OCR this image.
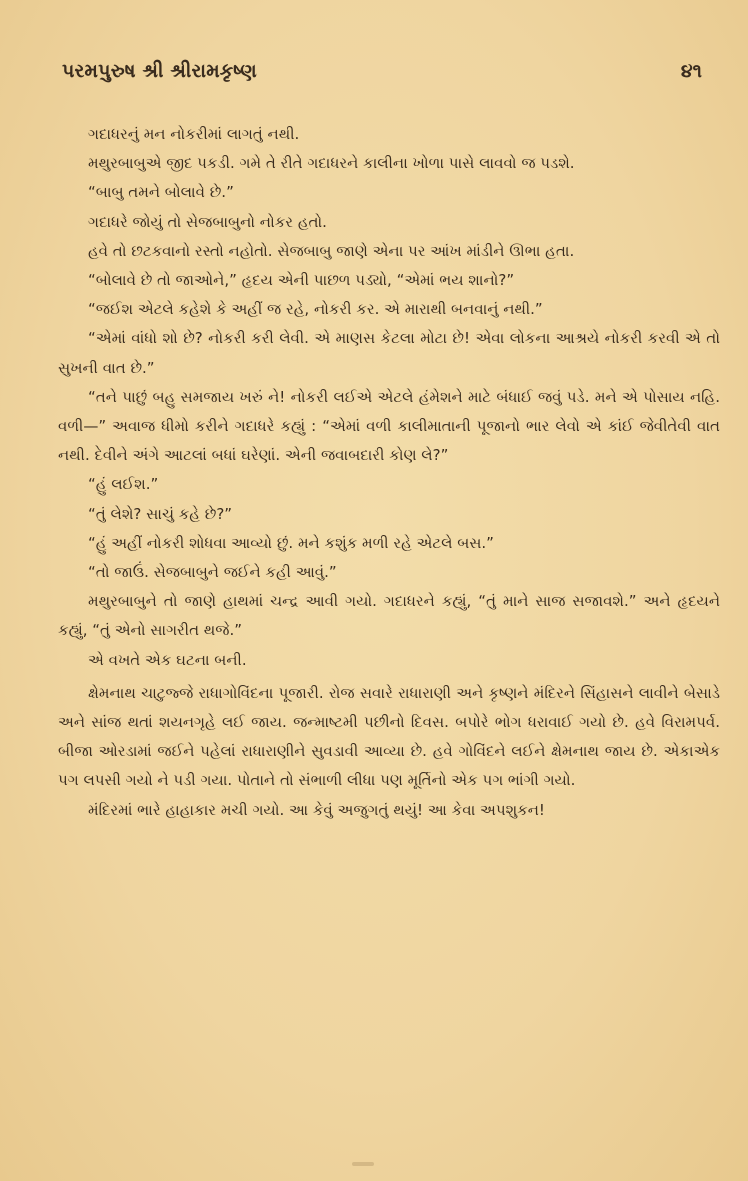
પરમપુરુષ શ્રી શ્રીરામકૃષ્ણ	૪૧

ગદાધરનું મન નોકરીમાં લાગતું નથી.

મથુરબાબુએ જીદ પકડી. ગમે તે રીતે ગદાધરને કાલીના ખોળા પાસે લાવવો જ પડશે.

“બાબુ તમને બોલાવે છે.”

ગદાધરે જોયું તો સેજબાબુનો નોકર હતો.

હવે તો છટકવાનો રસ્તો નહોતો. સેજબાબુ જાણે એના પર આંખ માંડીને ઊભા હતા.

“બોલાવે છે તો જાઓને,” હૃદય એની પાછળ પડ્યો, “એમાં ભય શાનો?”

“જઈશ એટલે કહેશે કે અહીં જ રહે, નોકરી કર. એ મારાથી બનવાનું નથી.”

“એમાં વાંધો શો છે? નોકરી કરી લેવી. એ માણસ કેટલા મોટા છે! એવા લોકના આશ્રયે નોકરી કરવી એ તો સુખની વાત છે.”

“તને પાછું બહુ સમજાય ખરું ને! નોકરી લઈએ એટલે હંમેશને માટે બંધાઈ જવું પડે. મને એ પોસાય નહિ. વળી—” અવાજ ધીમો કરીને ગદાધરે કહ્યું : “એમાં વળી કાલીમાતાની પૂજાનો ભાર લેવો એ કાંઈ જેવીતેવી વાત નથી. દેવીને અંગે આટલાં બધાં ઘરેણાં. એની જવાબદારી કોણ લે?”

“હું લઈશ.”

“તું લેશે? સાચું કહે છે?”

“હું અહીં નોકરી શોધવા આવ્યો છું. મને કશુંક મળી રહે એટલે બસ.”

“તો જાઉં. સેજબાબુને જઈને કહી આવું.”

મથુરબાબુને તો જાણે હાથમાં ચન્દ્ર આવી ગયો. ગદાધરને કહ્યું, “તું માને સાજ સજાવશે.” અને હૃદયને કહ્યું, “તું એનો સાગરીત થજે.”

એ વખતે એક ઘટના બની.

ક્ષેમનાથ ચાટુજ્જે રાધાગોવિંદના પૂજારી. રોજ સવારે રાધારાણી અને કૃષ્ણને મંદિરને સિંહાસને લાવીને બેસાડે અને સાંજ થતાં શયનગૃહે લઈ જાય. જન્માષ્ટમી પછીનો દિવસ. બપોરે ભોગ ધરાવાઈ ગયો છે. હવે વિરામપર્વ. બીજા ઓરડામાં જઈને પહેલાં રાધારાણીને સુવડાવી આવ્યા છે. હવે ગોવિંદને લઈને ક્ષેમનાથ જાય છે. એકાએક પગ લપસી ગયો ને પડી ગયા. પોતાને તો સંભાળી લીધા પણ મૂર્તિનો એક પગ ભાંગી ગયો.

મંદિરમાં ભારે હાહાકાર મચી ગયો. આ કેવું અજુગતું થયું! આ કેવા અપશુકન!
